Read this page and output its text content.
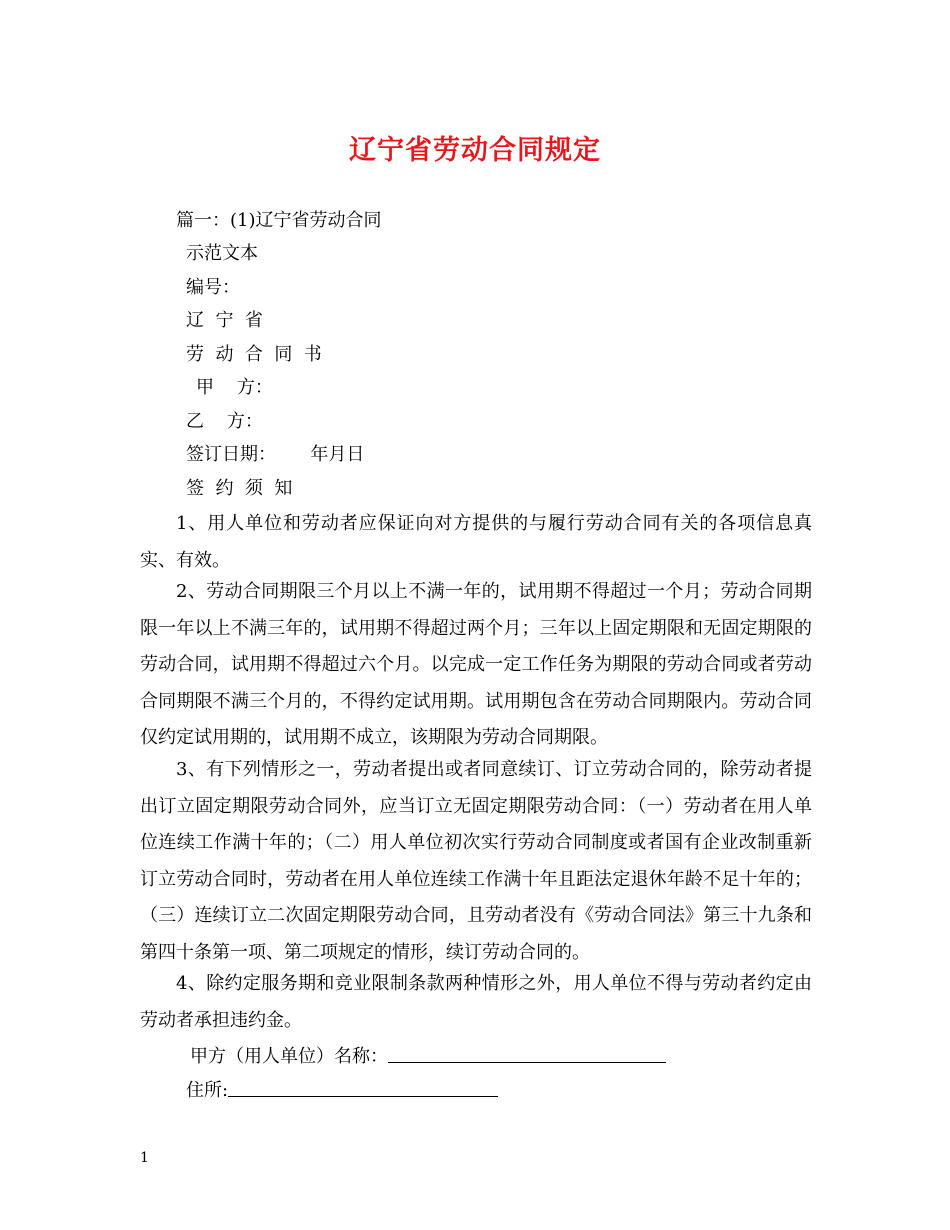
辽宁省劳动合同规定
篇一：(1)辽宁省劳动合同
示范文本
编号：
辽  宁  省
劳  动  合  同  书
甲    方：
乙    方：
签订日期：      年月日
签  约  须  知
1、用人单位和劳动者应保证向对方提供的与履行劳动合同有关的各项信息真实、有效。
2、劳动合同期限三个月以上不满一年的，试用期不得超过一个月；劳动合同期限一年以上不满三年的，试用期不得超过两个月；三年以上固定期限和无固定期限的劳动合同，试用期不得超过六个月。以完成一定工作任务为期限的劳动合同或者劳动合同期限不满三个月的，不得约定试用期。试用期包含在劳动合同期限内。劳动合同仅约定试用期的，试用期不成立，该期限为劳动合同期限。
3、有下列情形之一，劳动者提出或者同意续订、订立劳动合同的，除劳动者提出订立固定期限劳动合同外，应当订立无固定期限劳动合同：（一）劳动者在用人单位连续工作满十年的；（二）用人单位初次实行劳动合同制度或者国有企业改制重新订立劳动合同时，劳动者在用人单位连续工作满十年且距法定退休年龄不足十年的；（三）连续订立二次固定期限劳动合同，且劳动者没有《劳动合同法》第三十九条和第四十条第一项、第二项规定的情形，续订劳动合同的。
4、除约定服务期和竞业限制条款两种情形之外，用人单位不得与劳动者约定由劳动者承担违约金。
甲方（用人单位）名称：
住所:
1
